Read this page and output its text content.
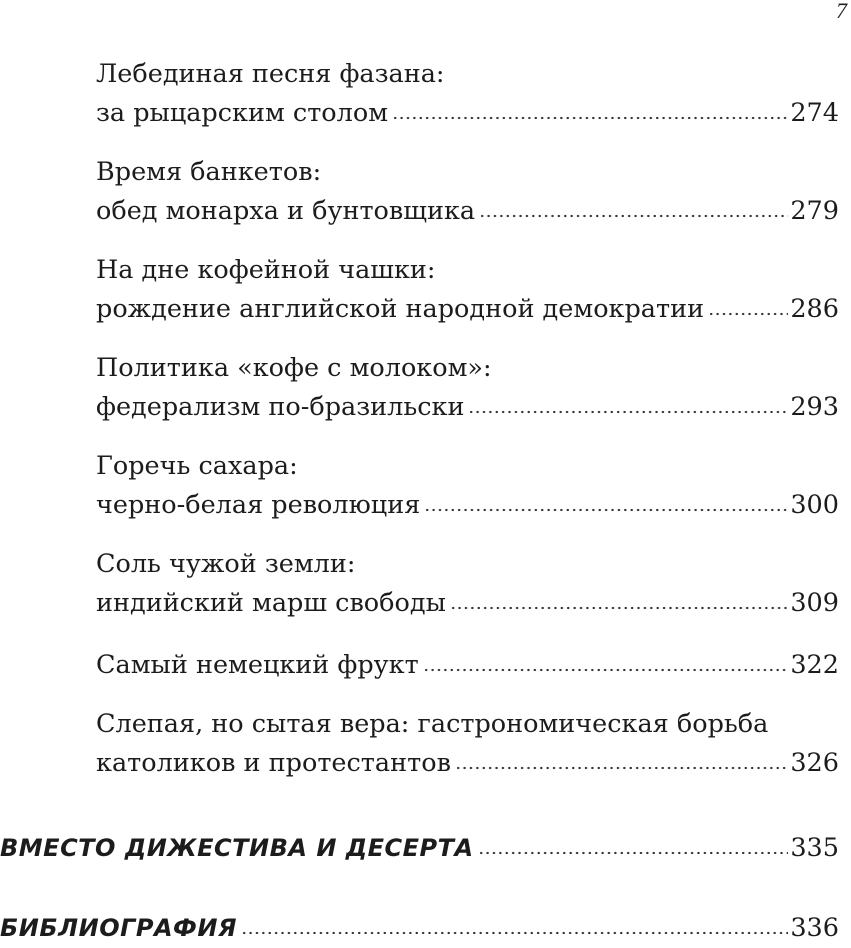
7
Лебединая песня фазана:
за рыцарским столом	274
Время банкетов:
обед монарха и бунтовщика	279
На дне кофейной чашки:
рождение английской народной демократии	286
Политика «кофе с молоком»:
федерализм по-бразильски	293
Горечь сахара:
черно-белая революция	300
Соль чужой земли:
индийский марш свободы	309
Самый немецкий фрукт	322
Слепая, но сытая вера: гастрономическая борьба
католиков и протестантов	326
ВМЕСТО ДИЖЕСТИВА И ДЕСЕРТА	335
БИБЛИОГРАФИЯ	336
